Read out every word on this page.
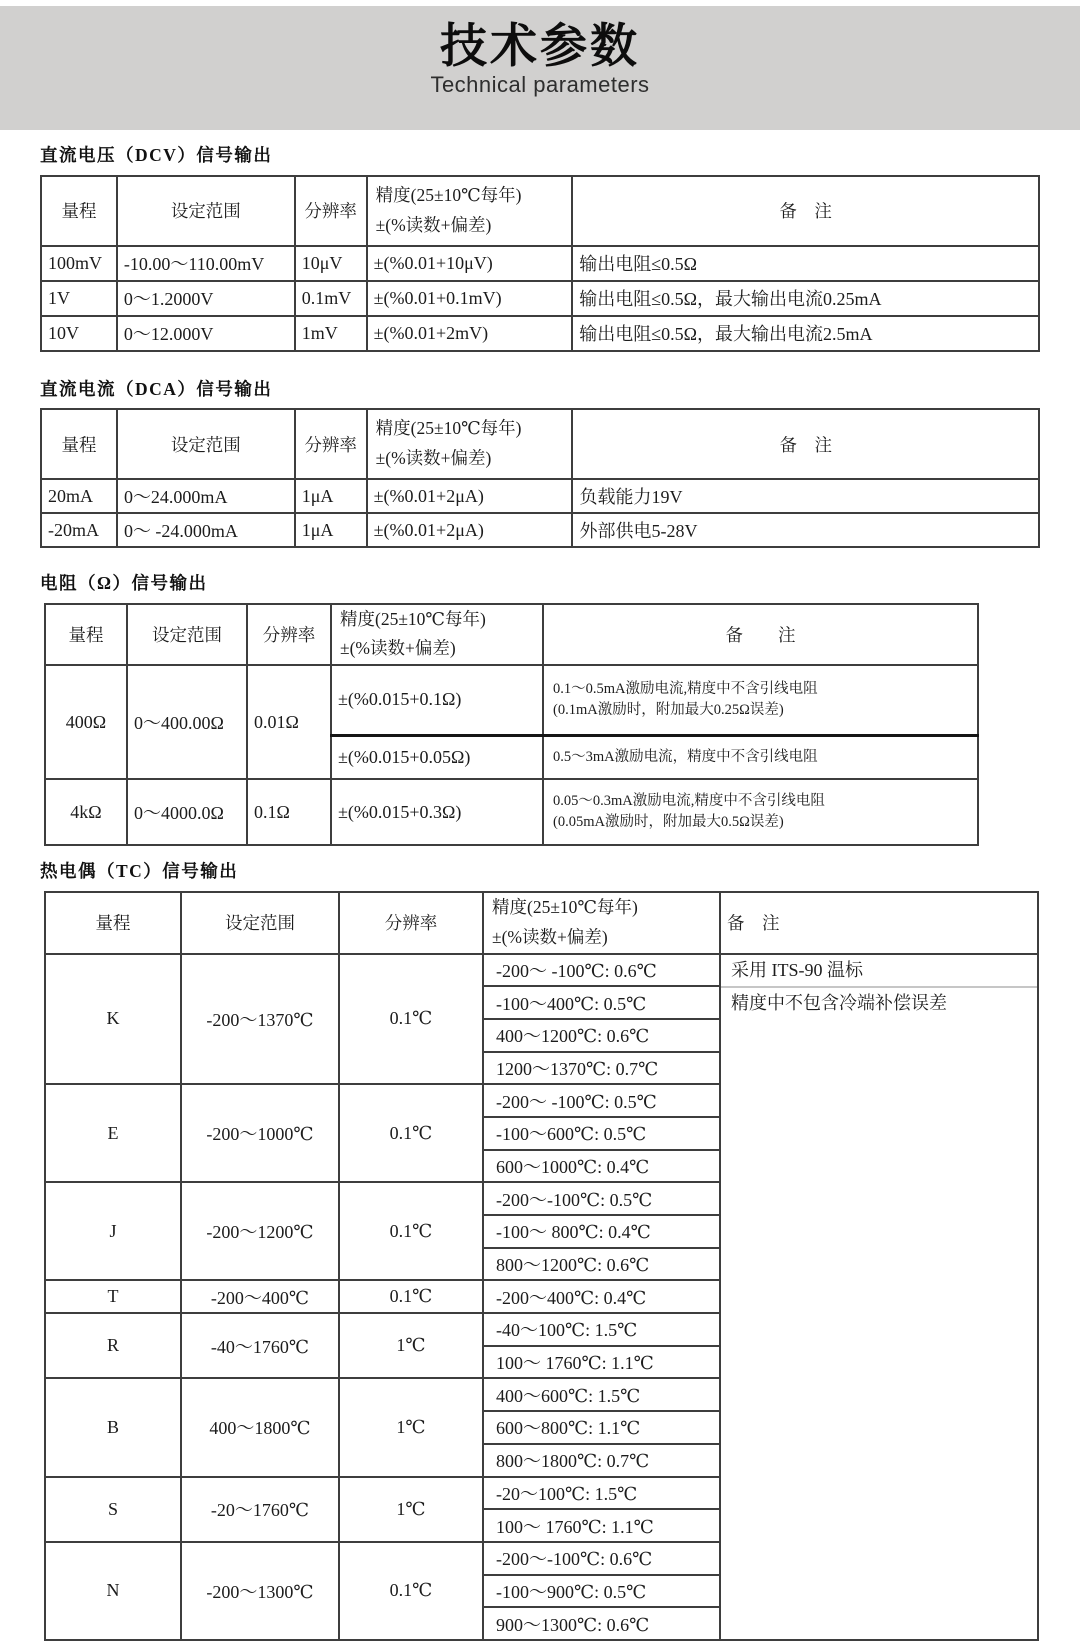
技术参数
Technical parameters
直流电压（DCV）信号输出
量程	设定范围	分辨率	精度(25±10℃每年)
±(%读数+偏差)	备　注
100mV	-10.00～110.00mV	10μV	±(%0.01+10μV)	输出电阻≤0.5Ω
1V	0～1.2000V	0.1mV	±(%0.01+0.1mV)	输出电阻≤0.5Ω，最大输出电流0.25mA
10V	0～12.000V	1mV	±(%0.01+2mV)	输出电阻≤0.5Ω，最大输出电流2.5mA
直流电流（DCA）信号输出
量程	设定范围	分辨率	精度(25±10℃每年)
±(%读数+偏差)	备　注
20mA	0～24.000mA	1μA	±(%0.01+2μA)	负载能力19V
-20mA	0～ -24.000mA	1μA	±(%0.01+2μA)	外部供电5-28V
电阻（Ω）信号输出
量程	设定范围	分辨率	精度(25±10℃每年)
±(%读数+偏差)	备　　注
400Ω	0～400.00Ω	0.01Ω	±(%0.015+0.1Ω)	0.1～0.5mA激励电流,精度中不含引线电阻
(0.1mA激励时，附加最大0.25Ω误差)

			±(%0.015+0.05Ω)	0.5～3mA激励电流，精度中不含引线电阻
4kΩ	0～4000.0Ω	0.1Ω	±(%0.015+0.3Ω)	0.05～0.3mA激励电流,精度中不含引线电阻
(0.05mA激励时，附加最大0.5Ω误差)
热电偶（TC）信号输出
量程	设定范围	分辨率	精度(25±10℃每年)
±(%读数+偏差)	备　注
K	-200～1370℃	0.1℃	-200～ -100℃: 0.6℃	采用 ITS-90 温标
精度中不包含冷端补偿误差

			-100～400℃: 0.5℃	
			400～1200℃: 0.6℃	
			1200～1370℃: 0.7℃	
E	-200～1000℃	0.1℃	-200～ -100℃: 0.5℃	
			-100～600℃: 0.5℃	
			600～1000℃: 0.4℃	
J	-200～1200℃	0.1℃	-200～-100℃: 0.5℃	
			-100～ 800℃: 0.4℃	
			800～1200℃: 0.6℃	
T	-200～400℃	0.1℃	-200～400℃: 0.4℃	
R	-40～1760℃	1℃	-40～100℃: 1.5℃	
			100～ 1760℃: 1.1℃	
B	400～1800℃	1℃	400～600℃: 1.5℃	
			600～800℃: 1.1℃	
			800～1800℃: 0.7℃	
S	-20～1760℃	1℃	-20～100℃: 1.5℃	
			100～ 1760℃: 1.1℃	
N	-200～1300℃	0.1℃	-200～-100℃: 0.6℃	
			-100～900℃: 0.5℃	
			900～1300℃: 0.6℃	
